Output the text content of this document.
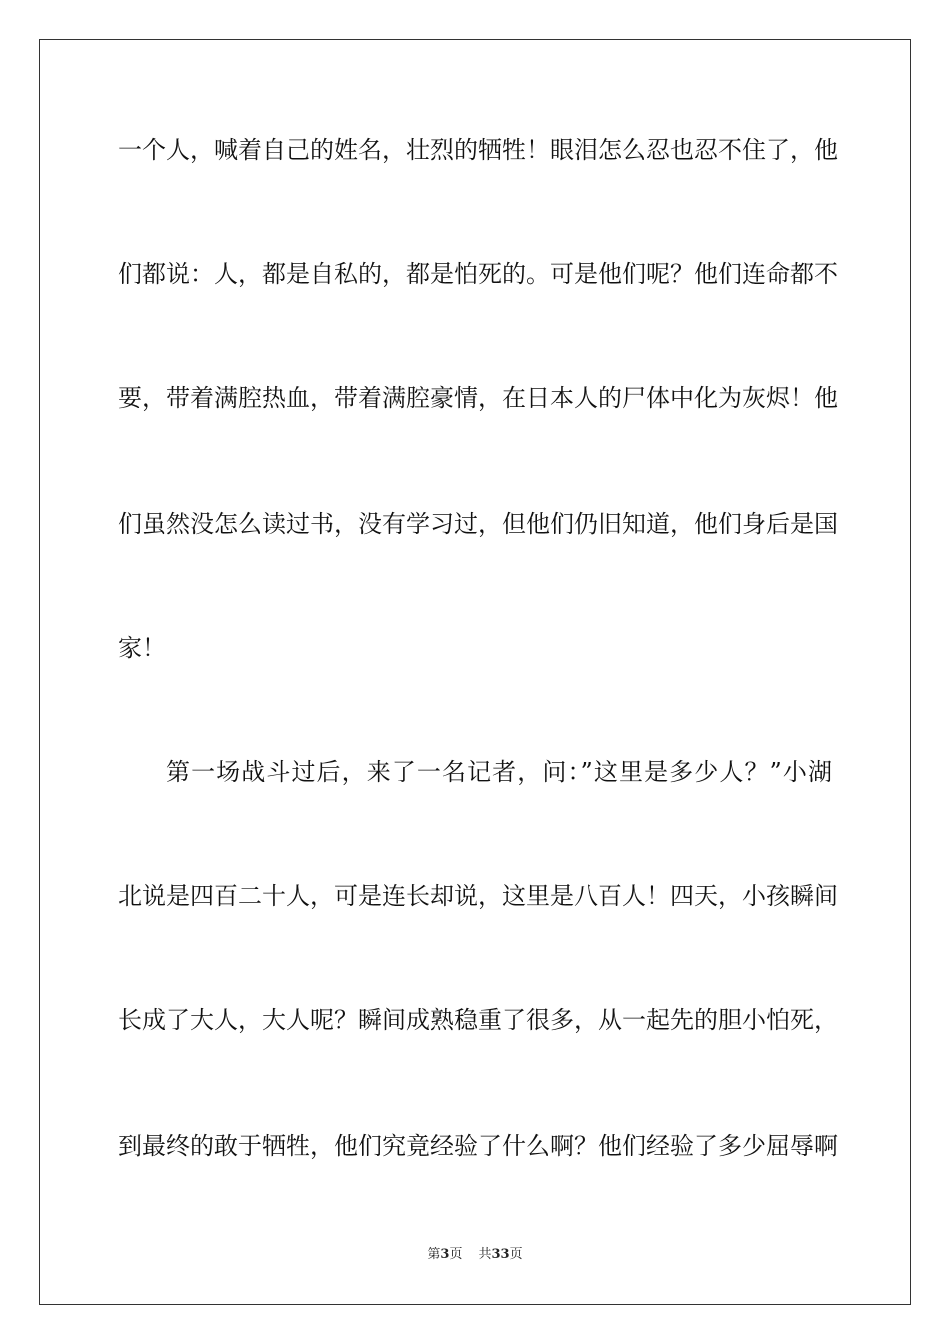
一个人，喊着自己的姓名，壮烈的牺牲！眼泪怎么忍也忍不住了，他
们都说：人，都是自私的，都是怕死的。可是他们呢？他们连命都不
要，带着满腔热血，带着满腔豪情，在日本人的尸体中化为灰烬！他
们虽然没怎么读过书，没有学习过，但他们仍旧知道，他们身后是国
家！
第一场战斗过后，来了一名记者，问：”这里是多少人？”小湖
北说是四百二十人，可是连长却说，这里是八百人！四天，小孩瞬间
长成了大人，大人呢？瞬间成熟稳重了很多，从一起先的胆小怕死，
到最终的敢于牺牲，他们究竟经验了什么啊？他们经验了多少屈辱啊
第3页 共33页
